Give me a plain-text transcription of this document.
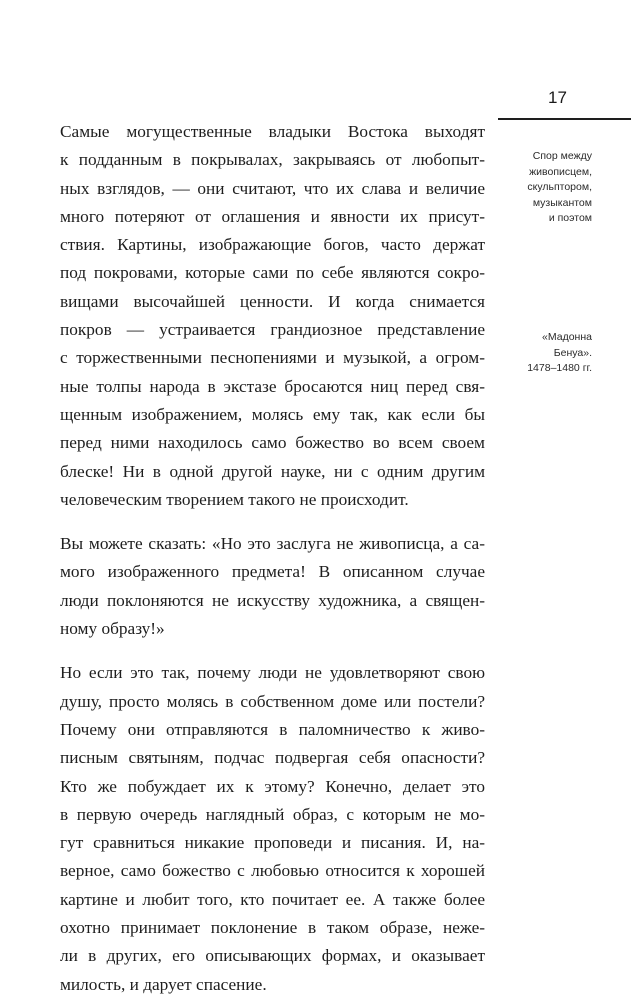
17
Спор между
живописцем,
скульптором,
музыкантом
и поэтом
«Мадонна
Бенуа».
1478–1480 гг.
Самые могущественные владыки Востока выходят
к подданным в покрывалах, закрываясь от любопыт-
ных взглядов, — они считают, что их слава и величие
много потеряют от оглашения и явности их присут-
ствия. Картины, изображающие богов, часто держат
под покровами, которые сами по себе являются сокро-
вищами высочайшей ценности. И когда снимается
покров — устраивается грандиозное представление
с торжественными песнопениями и музыкой, а огром-
ные толпы народа в экстазе бросаются ниц перед свя-
щенным изображением, молясь ему так, как если бы
перед ними находилось само божество во всем своем
блеске! Ни в одной другой науке, ни с одним другим
человеческим творением такого не происходит.
Вы можете сказать: «Но это заслуга не живописца, а са-
мого изображенного предмета! В описанном случае
люди поклоняются не искусству художника, а священ-
ному образу!»
Но если это так, почему люди не удовлетворяют свою
душу, просто молясь в собственном доме или постели?
Почему они отправляются в паломничество к живо-
писным святыням, подчас подвергая себя опасности?
Кто же побуждает их к этому? Конечно, делает это
в первую очередь наглядный образ, с которым не мо-
гут сравниться никакие проповеди и писания. И, на-
верное, само божество с любовью относится к хорошей
картине и любит того, кто почитает ее. А также более
охотно принимает поклонение в таком образе, неже-
ли в других, его описывающих формах, и оказывает
милость, и дарует спасение.
